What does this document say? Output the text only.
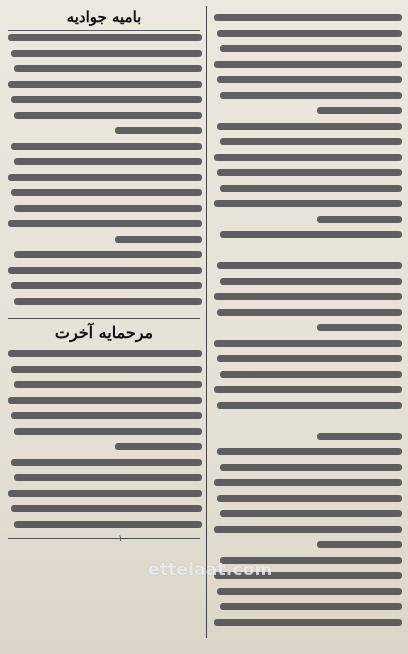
بامیه جوادیه
مرحمایه آخرت
۱۰
ettelaat.com
